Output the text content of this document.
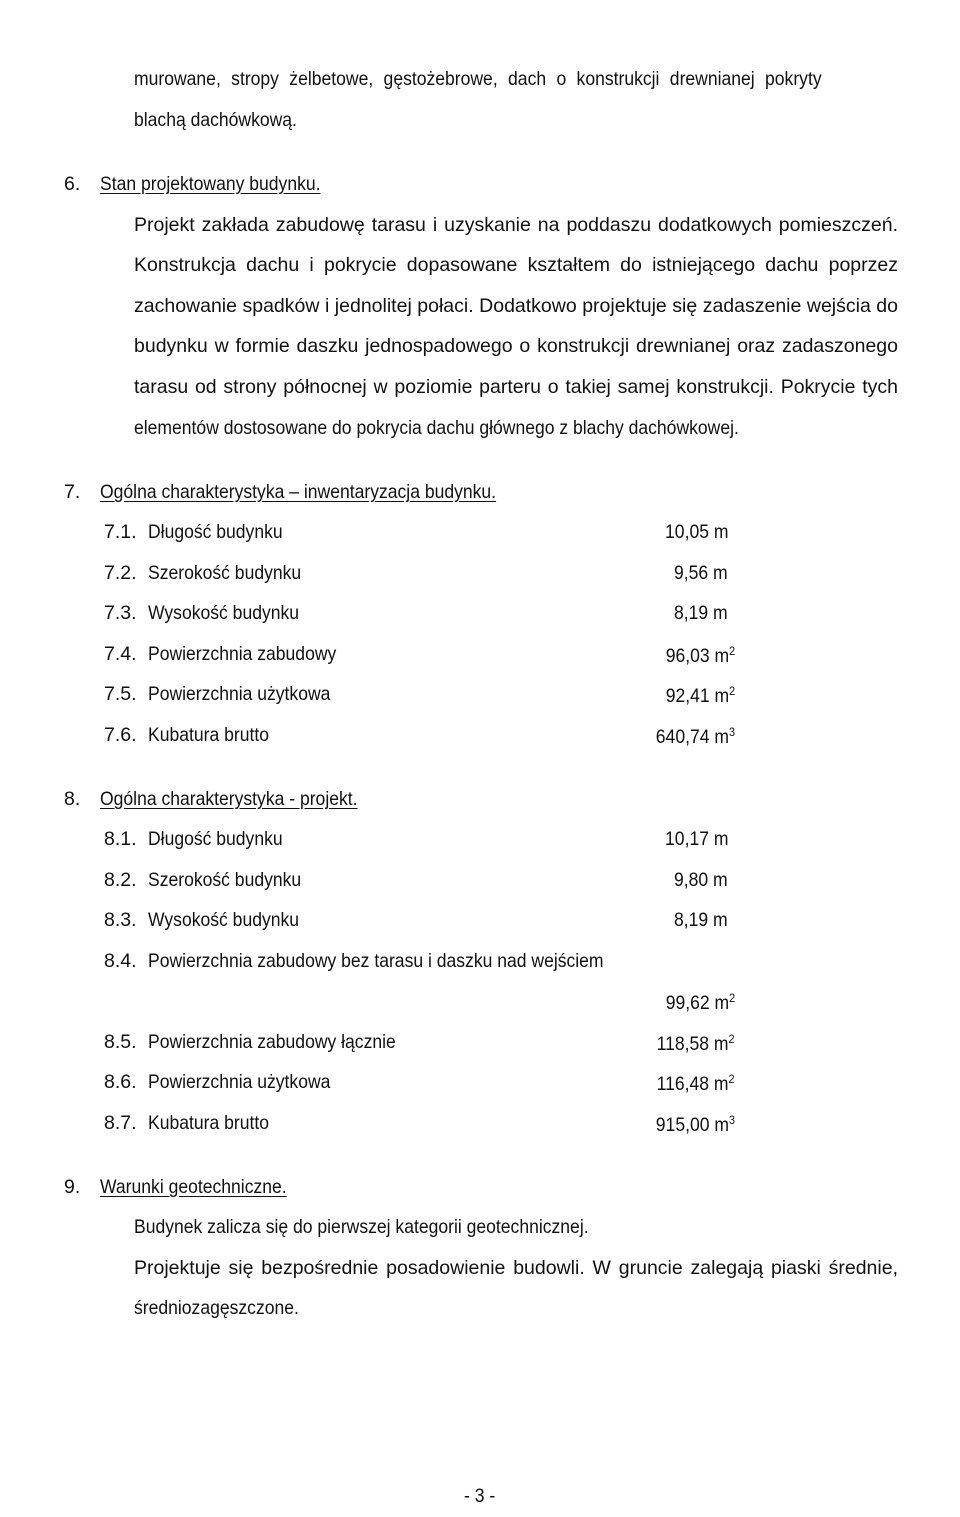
murowane, stropy żelbetowe, gęstożebrowe, dach o konstrukcji drewnianej pokryty
blachą dachówkową.
6. Stan projektowany budynku.
Projekt zakłada zabudowę tarasu i uzyskanie na poddaszu dodatkowych pomieszczeń.
Konstrukcja dachu i pokrycie dopasowane kształtem do istniejącego dachu poprzez
zachowanie spadków i jednolitej połaci. Dodatkowo projektuje się zadaszenie wejścia do
budynku w formie daszku jednospadowego o konstrukcji drewnianej oraz zadaszonego
tarasu od strony północnej w poziomie parteru o takiej samej konstrukcji. Pokrycie tych
elementów dostosowane do pokrycia dachu głównego z blachy dachówkowej.
7. Ogólna charakterystyka – inwentaryzacja budynku.
7.1. Długość budynku	10,05 m
7.2. Szerokość budynku	9,56 m
7.3. Wysokość budynku	8,19 m
7.4. Powierzchnia zabudowy	96,03 $m^2$
7.5. Powierzchnia użytkowa	92,41 $m^2$
7.6. Kubatura brutto	640,74 $m^3$
8. Ogólna charakterystyka - projekt.
8.1. Długość budynku	10,17 m
8.2. Szerokość budynku	9,80 m
8.3. Wysokość budynku	8,19 m
8.4. Powierzchnia zabudowy bez tarasu i daszku nad wejściem
99,62 $m^2$
8.5. Powierzchnia zabudowy łącznie	118,58 $m^2$
8.6. Powierzchnia użytkowa	116,48 $m^2$
8.7. Kubatura brutto	915,00 $m^3$
9. Warunki geotechniczne.
Budynek zalicza się do pierwszej kategorii geotechnicznej.
Projektuje się bezpośrednie posadowienie budowli. W gruncie zalegają piaski średnie,
średniozagęszczone.
- 3 -
